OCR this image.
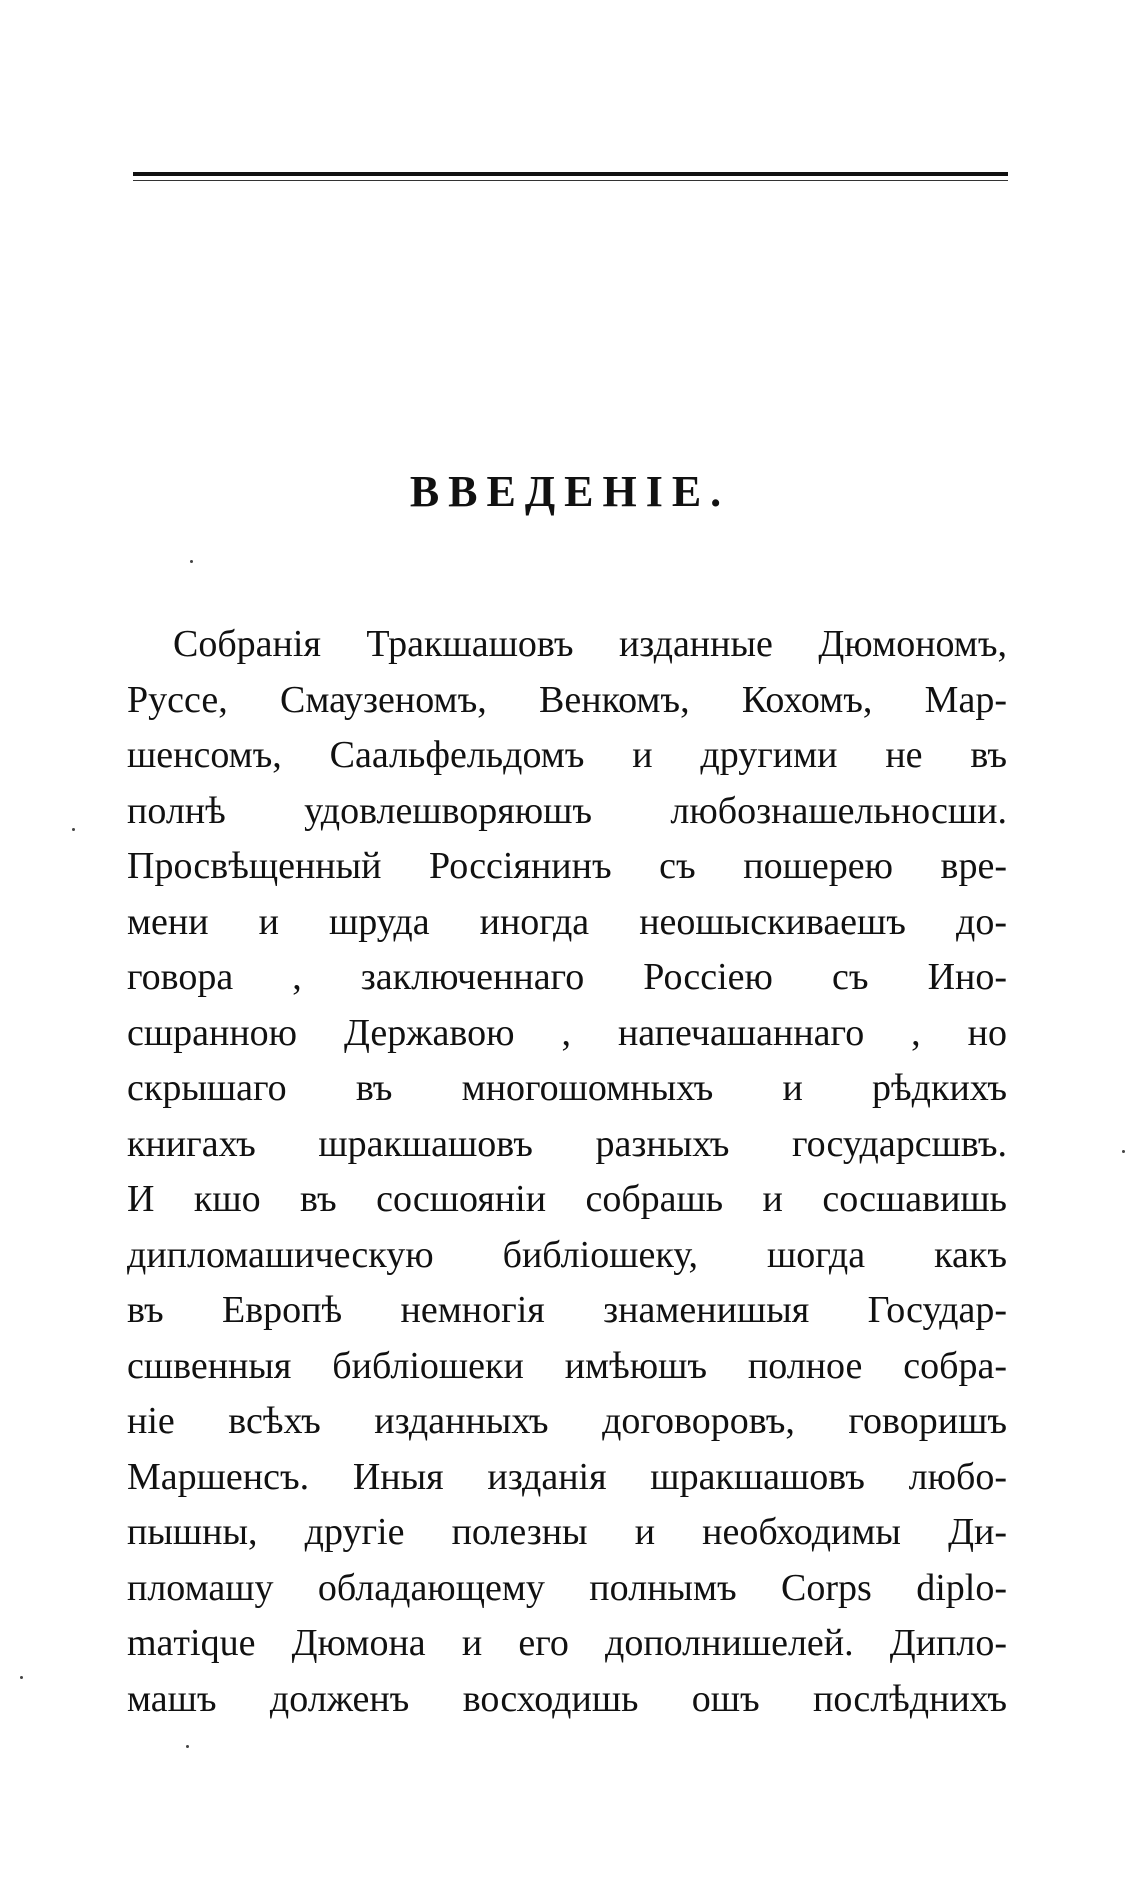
ВВЕДЕНІЕ.
Собранія Тракшашовъ изданные Дюмономъ,
Руссе, Смаузеномъ, Венкомъ, Кохомъ, Мар-
шенсомъ, Саальфельдомъ и другими не въ
полнѣ удовлешворяюшъ любознашельносши.
Просвѣщенный Россіянинъ съ пошерею вре-
мени и шруда иногда неошыскиваешъ до-
говора , заключеннаго Россіею съ Ино-
сшранною Державою , напечашаннаго , но
скрышаго въ многошомныхъ и рѣдкихъ
книгахъ шракшашовъ разныхъ государсшвъ.
И кшо въ сосшояніи собрашь и сосшавишь
дипломашическую библіошеку, шогда какъ
въ Европѣ немногія знаменишыя Государ-
сшвенныя библіошеки имѣюшъ полное собра-
ніе всѣхъ изданныхъ договоровъ, говоришъ
Маршенсъ. Иныя изданія шракшашовъ любо-
пышны, другіе полезны и необходимы Ди-
пломашу обладающему полнымъ Corps diplo-
maтique Дюмона и его дополнишелей. Дипло-
машъ долженъ восходишь ошъ послѣднихъ
